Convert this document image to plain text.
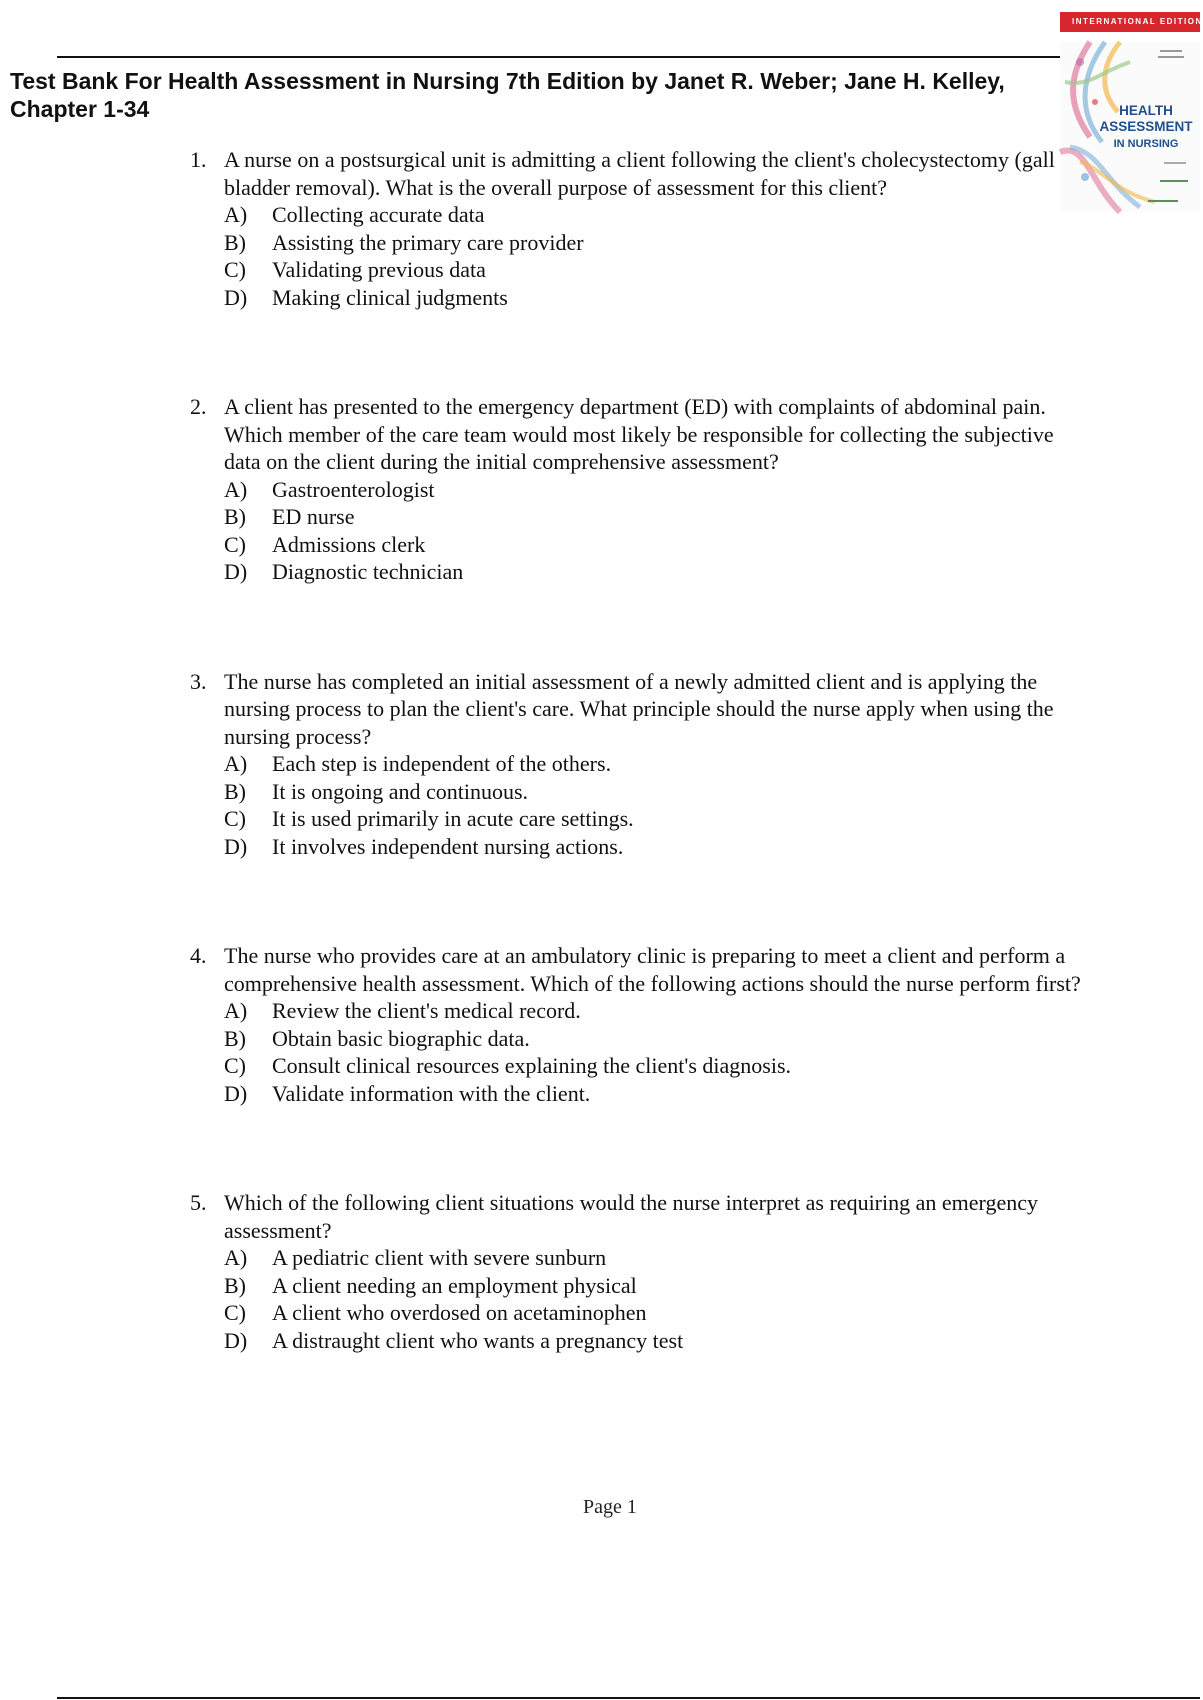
Test Bank For Health Assessment in Nursing 7th Edition by Janet R. Weber; Jane H. Kelley, Chapter 1-34
INTERNATIONAL EDITION

HEALTH
ASSESSMENT
IN NURSING

1. A nurse on a postsurgical unit is admitting a client following the client's cholecystectomy (gall bladder removal). What is the overall purpose of assessment for this client?

A)	Collecting accurate data
B)	Assisting the primary care provider
C)	Validating previous data
D)	Making clinical judgments
2. A client has presented to the emergency department (ED) with complaints of abdominal pain. Which member of the care team would most likely be responsible for collecting the subjective data on the client during the initial comprehensive assessment?

A)	Gastroenterologist
B)	ED nurse
C)	Admissions clerk
D)	Diagnostic technician
3. The nurse has completed an initial assessment of a newly admitted client and is applying the nursing process to plan the client's care. What principle should the nurse apply when using the nursing process?

A)	Each step is independent of the others.
B)	It is ongoing and continuous.
C)	It is used primarily in acute care settings.
D)	It involves independent nursing actions.
4. The nurse who provides care at an ambulatory clinic is preparing to meet a client and perform a comprehensive health assessment. Which of the following actions should the nurse perform first?

A)	Review the client's medical record.
B)	Obtain basic biographic data.
C)	Consult clinical resources explaining the client's diagnosis.
D)	Validate information with the client.
5. Which of the following client situations would the nurse interpret as requiring an emergency assessment?

A)	A pediatric client with severe sunburn
B)	A client needing an employment physical
C)	A client who overdosed on acetaminophen
D)	A distraught client who wants a pregnancy test
Page 1
